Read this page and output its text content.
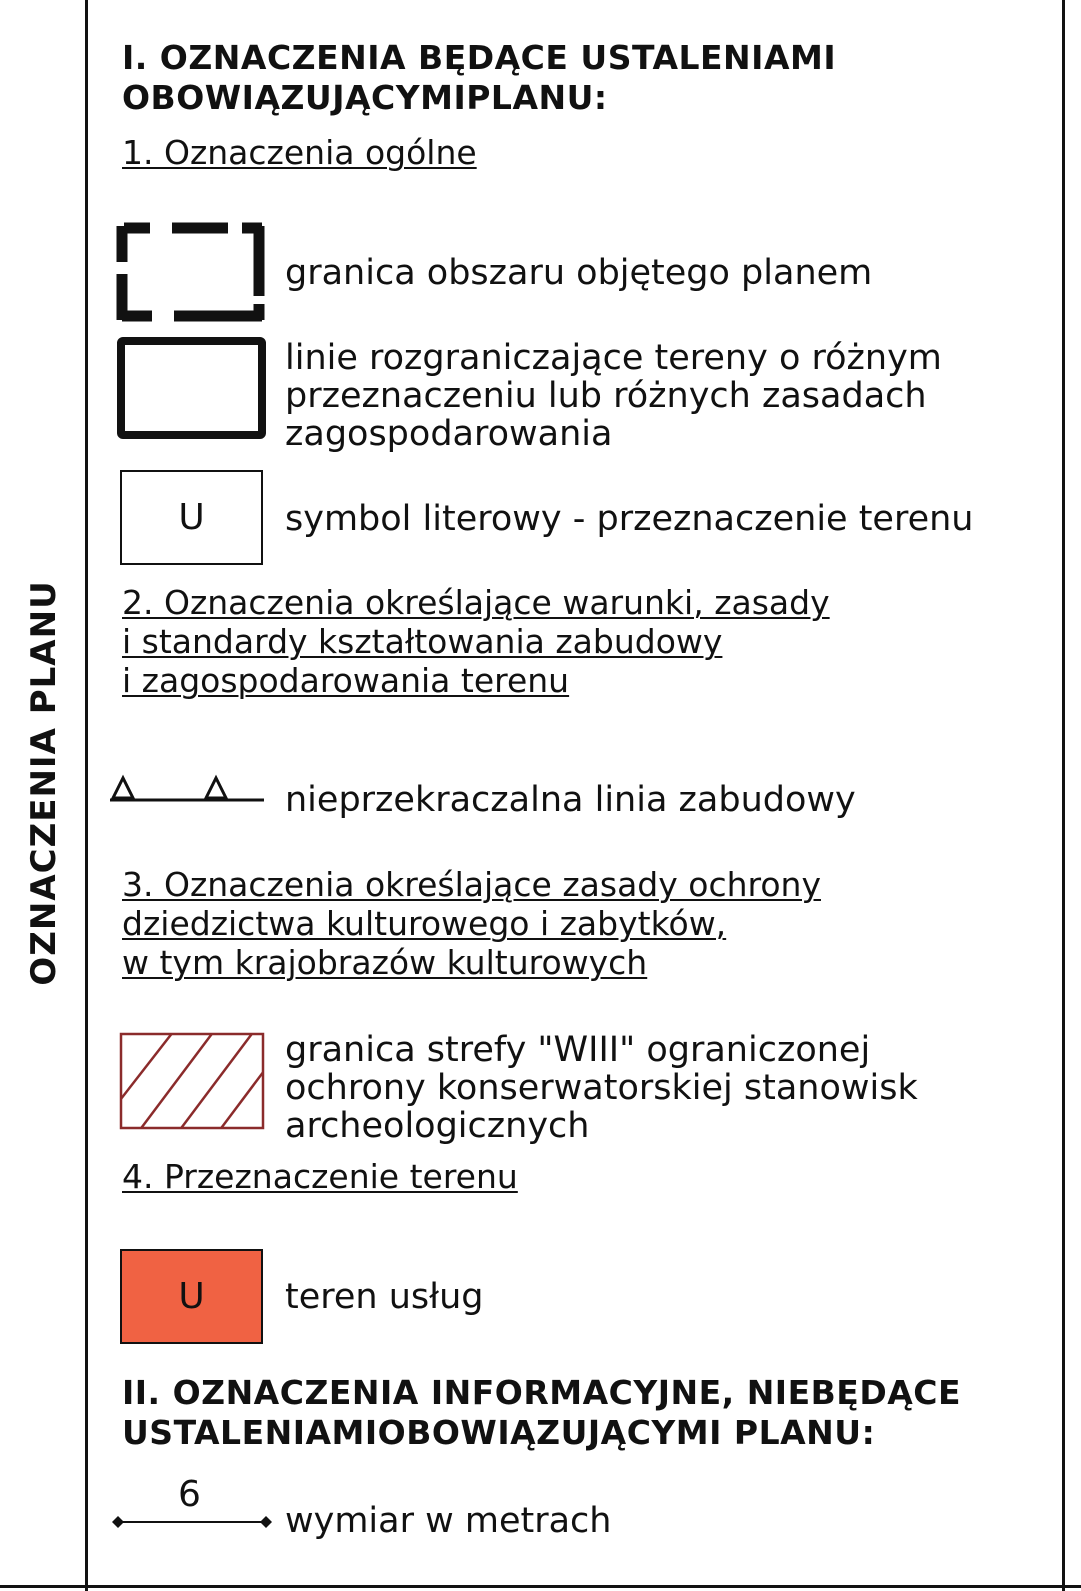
OZNACZENIA PLANU
I. OZNACZENIA BĘDĄCE USTALENIAMI
OBOWIĄZUJĄCYMIPLANU:
1. Oznaczenia ogólne
granica obszaru objętego planem
linie rozgraniczające tereny o różnym
przeznaczeniu lub różnych zasadach
zagospodarowania
U symbol literowy - przeznaczenie terenu
2. Oznaczenia określające warunki, zasady
i standardy kształtowania zabudowy
i zagospodarowania terenu
nieprzekraczalna linia zabudowy
3. Oznaczenia określające zasady ochrony
dziedzictwa kulturowego i zabytków,
w tym krajobrazów kulturowych
granica strefy "WIII" ograniczonej
ochrony konserwatorskiej stanowisk
archeologicznych
4. Przeznaczenie terenu
U teren usług
II. OZNACZENIA INFORMACYJNE, NIEBĘDĄCE
USTALENIAMIOBOWIĄZUJĄCYMI PLANU:
6
wymiar w metrach
